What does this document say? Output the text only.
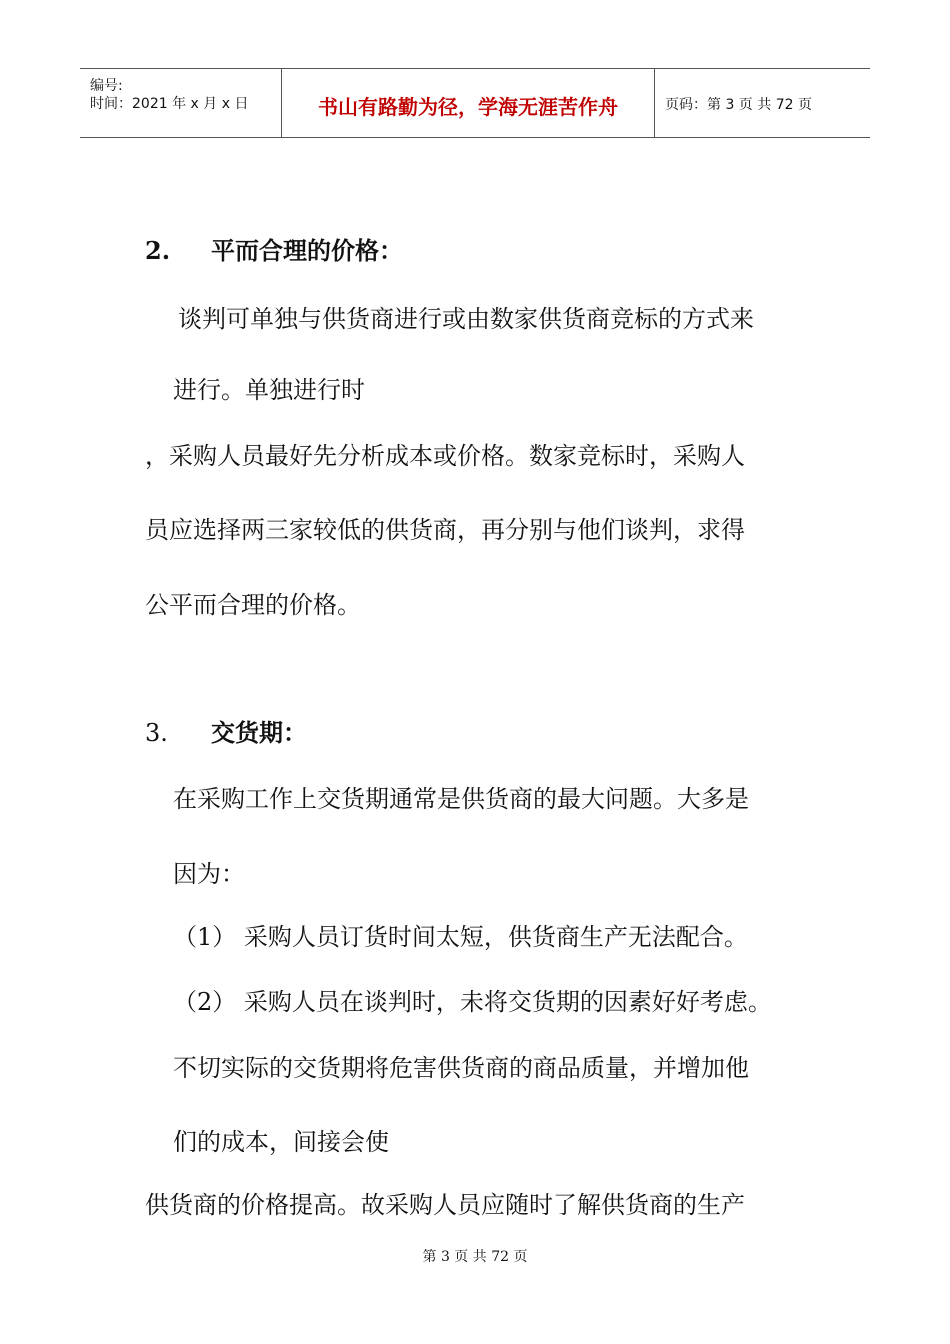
编号:
时间：2021 年 x 月 x 日	书山有路勤为径，学海无涯苦作舟	页码：第 3 页 共 72 页
2. 平而合理的价格：
谈判可单独与供货商进行或由数家供货商竞标的方式来
进行。单独进行时
，采购人员最好先分析成本或价格。数家竞标时，采购人
员应选择两三家较低的供货商，再分别与他们谈判，求得
公平而合理的价格。
3. 交货期：
在采购工作上交货期通常是供货商的最大问题。大多是
因为：
（1） 采购人员订货时间太短，供货商生产无法配合。
（2） 采购人员在谈判时，未将交货期的因素好好考虑。
不切实际的交货期将危害供货商的商品质量，并增加他
们的成本，间接会使
供货商的价格提高。故采购人员应随时了解供货商的生产
第 3 页 共 72 页
